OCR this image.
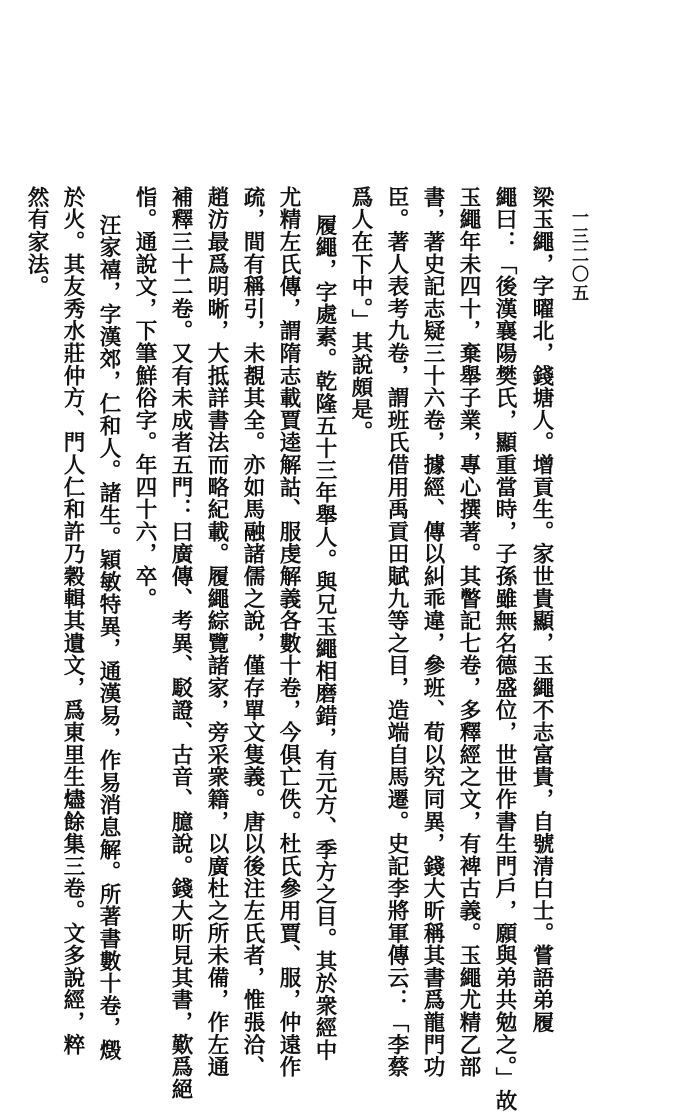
一三二〇五
梁玉繩，字曜北，錢塘人。增貢生。家世貴顯，玉繩不志富貴，自號清白士。嘗語弟履
繩曰：「後漢襄陽樊氏，顯重當時，子孫雖無名德盛位，世世作書生門戶，願與弟共勉之。」故
玉繩年未四十，棄舉子業，專心撰著。其瞥記七卷，多釋經之文，有裨古義。玉繩尤精乙部
書，著史記志疑三十六卷，據經、傳以糾乖違，參班、荀以究同異，錢大昕稱其書爲龍門功
臣。著人表考九卷，謂班氏借用禹貢田賦九等之目，造端自馬遷。史記李將軍傳云：「李蔡
爲人在下中。」其說頗是。
履繩，字處素。乾隆五十三年舉人。與兄玉繩相磨錯，有元方、季方之目。其於衆經中
尤精左氏傳，謂隋志載賈逵解詁、服虔解義各數十卷，今俱亡佚。杜氏參用賈、服，仲遠作
疏，間有稱引，未覩其全。亦如馬融諸儒之說，僅存單文隻義。唐以後注左氏者，惟張洽、
趙汸最爲明晰，大抵詳書法而略紀載。履繩綜覽諸家，旁采衆籍，以廣杜之所未備，作左通
補釋三十二卷。又有未成者五門：曰廣傳、考異、駁證、古音、臆說。錢大昕見其書，歎爲絕
恉。通說文，下筆鮮俗字。年四十六，卒。
汪家禧，字漢郊，仁和人。諸生。穎敏特異，通漢易，作易消息解。所著書數十卷，燬
於火。其友秀水莊仲方、門人仁和許乃穀輯其遺文，爲東里生燼餘集三卷。文多說經，粹
然有家法。
